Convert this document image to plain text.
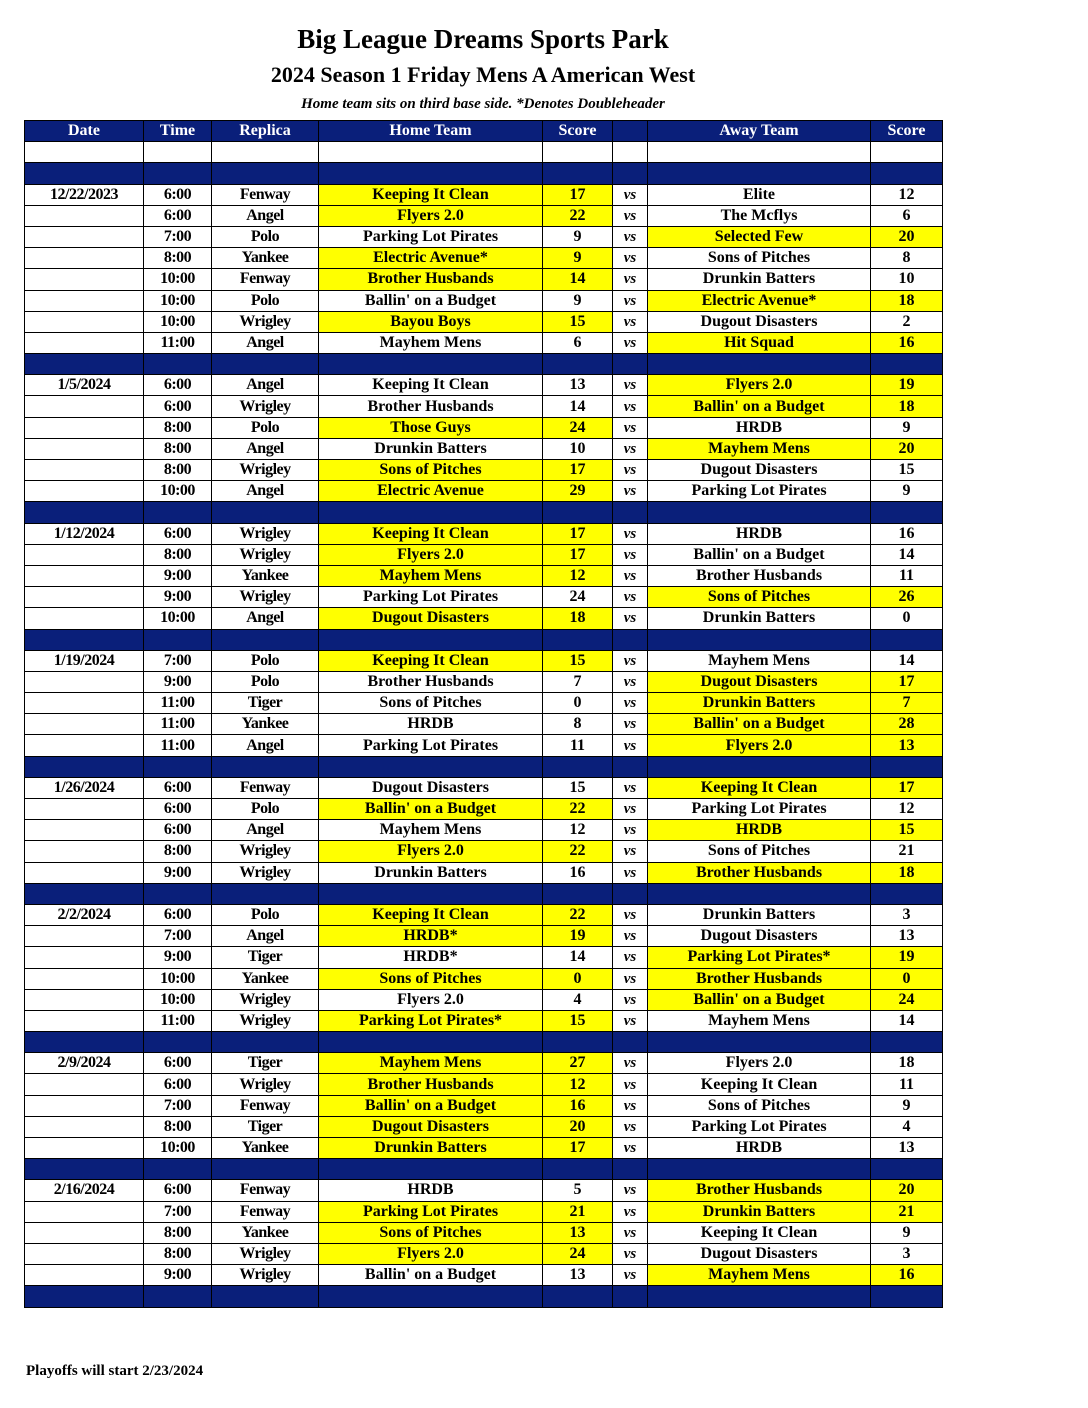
Big League Dreams Sports Park
2024 Season 1 Friday Mens A American West
Home team sits on third base side. *Denotes Doubleheader
Date	Time	Replica	Home Team	Score		Away Team	Score

12/22/2023	6:00	Fenway	Keeping It Clean	17	vs	Elite	12
	6:00	Angel	Flyers 2.0	22	vs	The Mcflys	6
	7:00	Polo	Parking Lot Pirates	9	vs	Selected Few	20
	8:00	Yankee	Electric Avenue*	9	vs	Sons of Pitches	8
	10:00	Fenway	Brother Husbands	14	vs	Drunkin Batters	10
	10:00	Polo	Ballin' on a Budget	9	vs	Electric Avenue*	18
	10:00	Wrigley	Bayou Boys	15	vs	Dugout Disasters	2
	11:00	Angel	Mayhem Mens	6	vs	Hit Squad	16

1/5/2024	6:00	Angel	Keeping It Clean	13	vs	Flyers 2.0	19
	6:00	Wrigley	Brother Husbands	14	vs	Ballin' on a Budget	18
	8:00	Polo	Those Guys	24	vs	HRDB	9
	8:00	Angel	Drunkin Batters	10	vs	Mayhem Mens	20
	8:00	Wrigley	Sons of Pitches	17	vs	Dugout Disasters	15
	10:00	Angel	Electric Avenue	29	vs	Parking Lot Pirates	9

1/12/2024	6:00	Wrigley	Keeping It Clean	17	vs	HRDB	16
	8:00	Wrigley	Flyers 2.0	17	vs	Ballin' on a Budget	14
	9:00	Yankee	Mayhem Mens	12	vs	Brother Husbands	11
	9:00	Wrigley	Parking Lot Pirates	24	vs	Sons of Pitches	26
	10:00	Angel	Dugout Disasters	18	vs	Drunkin Batters	0

1/19/2024	7:00	Polo	Keeping It Clean	15	vs	Mayhem Mens	14
	9:00	Polo	Brother Husbands	7	vs	Dugout Disasters	17
	11:00	Tiger	Sons of Pitches	0	vs	Drunkin Batters	7
	11:00	Yankee	HRDB	8	vs	Ballin' on a Budget	28
	11:00	Angel	Parking Lot Pirates	11	vs	Flyers 2.0	13

1/26/2024	6:00	Fenway	Dugout Disasters	15	vs	Keeping It Clean	17
	6:00	Polo	Ballin' on a Budget	22	vs	Parking Lot Pirates	12
	6:00	Angel	Mayhem Mens	12	vs	HRDB	15
	8:00	Wrigley	Flyers 2.0	22	vs	Sons of Pitches	21
	9:00	Wrigley	Drunkin Batters	16	vs	Brother Husbands	18

2/2/2024	6:00	Polo	Keeping It Clean	22	vs	Drunkin Batters	3
	7:00	Angel	HRDB*	19	vs	Dugout Disasters	13
	9:00	Tiger	HRDB*	14	vs	Parking Lot Pirates*	19
	10:00	Yankee	Sons of Pitches	0	vs	Brother Husbands	0
	10:00	Wrigley	Flyers 2.0	4	vs	Ballin' on a Budget	24
	11:00	Wrigley	Parking Lot Pirates*	15	vs	Mayhem Mens	14

2/9/2024	6:00	Tiger	Mayhem Mens	27	vs	Flyers 2.0	18
	6:00	Wrigley	Brother Husbands	12	vs	Keeping It Clean	11
	7:00	Fenway	Ballin' on a Budget	16	vs	Sons of Pitches	9
	8:00	Tiger	Dugout Disasters	20	vs	Parking Lot Pirates	4
	10:00	Yankee	Drunkin Batters	17	vs	HRDB	13

2/16/2024	6:00	Fenway	HRDB	5	vs	Brother Husbands	20
	7:00	Fenway	Parking Lot Pirates	21	vs	Drunkin Batters	21
	8:00	Yankee	Sons of Pitches	13	vs	Keeping It Clean	9
	8:00	Wrigley	Flyers 2.0	24	vs	Dugout Disasters	3
	9:00	Wrigley	Ballin' on a Budget	13	vs	Mayhem Mens	16

Playoffs will start 2/23/2024
